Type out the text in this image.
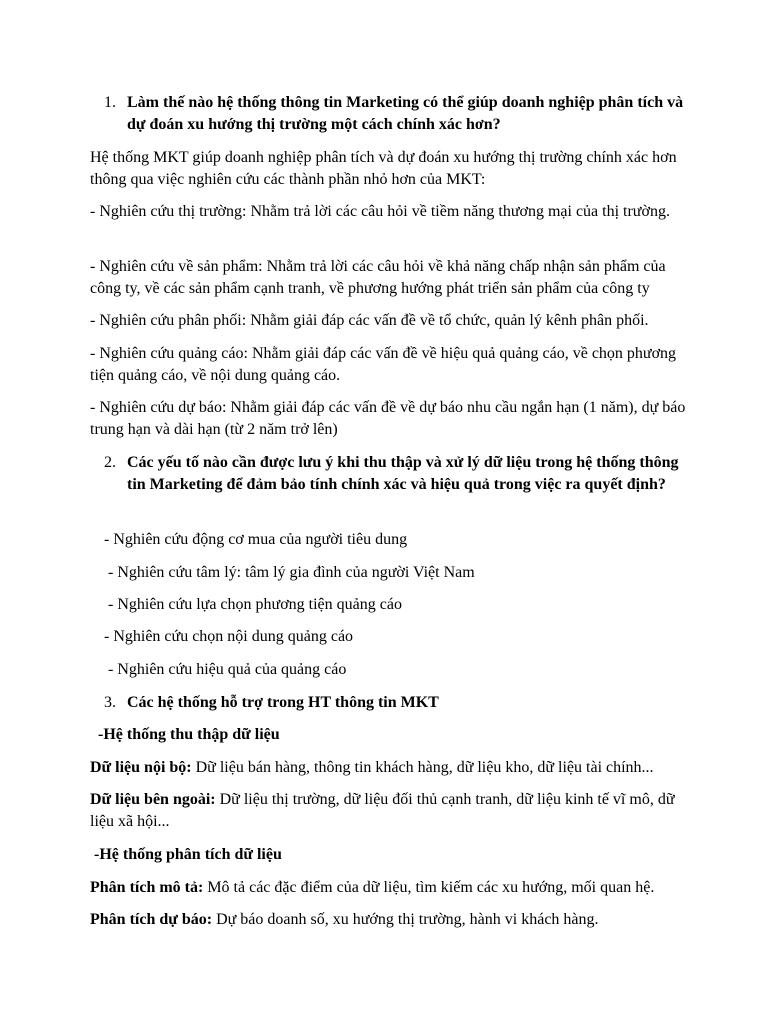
1. Làm thế nào hệ thống thông tin Marketing có thể giúp doanh nghiệp phân tích và dự đoán xu hướng thị trường một cách chính xác hơn?
Hệ thống MKT giúp doanh nghiệp phân tích và dự đoán xu hướng thị trường chính xác hơn thông qua việc nghiên cứu các thành phần nhỏ hơn của MKT:
- Nghiên cứu thị trường: Nhằm trả lời các câu hỏi về tiềm năng thương mại của thị trường.
- Nghiên cứu về sản phẩm: Nhằm trả lời các câu hỏi về khả năng chấp nhận sản phẩm của công ty, về các sản phẩm cạnh tranh, về phương hướng phát triển sản phẩm của công ty
- Nghiên cứu phân phối: Nhằm giải đáp các vấn đề về tổ chức, quản lý kênh phân phối.
- Nghiên cứu quảng cáo: Nhằm giải đáp các vấn đề về hiệu quả quảng cáo, về chọn phương tiện quảng cáo, về nội dung quảng cáo.
- Nghiên cứu dự báo: Nhằm giải đáp các vấn đề về dự báo nhu cầu ngắn hạn (1 năm), dự báo trung hạn và dài hạn (từ 2 năm trở lên)
2. Các yếu tố nào cần được lưu ý khi thu thập và xử lý dữ liệu trong hệ thống thông tin Marketing để đảm bảo tính chính xác và hiệu quả trong việc ra quyết định?
- Nghiên cứu động cơ mua của người tiêu dung
- Nghiên cứu tâm lý: tâm lý gia đình của người Việt Nam
- Nghiên cứu lựa chọn phương tiện quảng cáo
- Nghiên cứu chọn nội dung quảng cáo
- Nghiên cứu hiệu quả của quảng cáo
3. Các hệ thống hỗ trợ trong HT thông tin MKT
-Hệ thống thu thập dữ liệu
Dữ liệu nội bộ: Dữ liệu bán hàng, thông tin khách hàng, dữ liệu kho, dữ liệu tài chính...
Dữ liệu bên ngoài: Dữ liệu thị trường, dữ liệu đối thủ cạnh tranh, dữ liệu kinh tế vĩ mô, dữ liệu xã hội...
-Hệ thống phân tích dữ liệu
Phân tích mô tả: Mô tả các đặc điểm của dữ liệu, tìm kiếm các xu hướng, mối quan hệ.
Phân tích dự báo: Dự báo doanh số, xu hướng thị trường, hành vi khách hàng.
